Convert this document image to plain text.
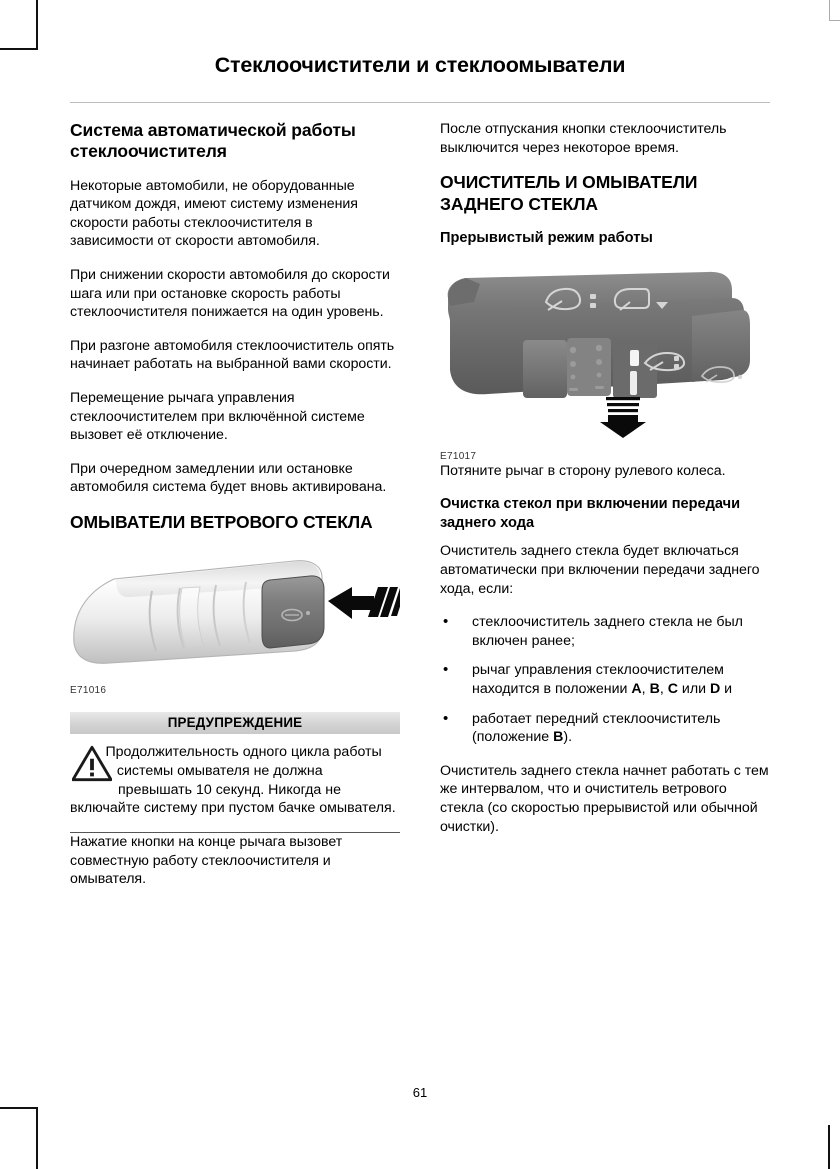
Стеклоочистители и стеклоомыватели
Система автоматической работы стеклоочистителя

Некоторые автомобили, не оборудованные датчиком дождя, имеют систему изменения скорости работы стеклоочистителя в зависимости от скорости автомобиля.

При снижении скорости автомобиля до скорости шага или при остановке скорость работы стеклоочистителя понижается на один уровень.

При разгоне автомобиля стеклоочиститель опять начинает работать на выбранной вами скорости.

Перемещение рычага управления стеклоочистителем при включённой системе вызовет её отключение.

При очередном замедлении или остановке автомобиля система будет вновь активирована.

ОМЫВАТЕЛИ ВЕТРОВОГО СТЕКЛА
E71016
ПРЕДУПРЕЖДЕНИЕ
Продолжительность одного цикла работы системы омывателя не должна превышать 10 секунд. Никогда не включайте систему при пустом бачке омывателя.

Нажатие кнопки на конце рычага вызовет совместную работу стеклоочистителя и омывателя.

После отпускания кнопки стеклоочиститель выключится через некоторое время.

ОЧИСТИТЕЛЬ И ОМЫВАТЕЛИ ЗАДНЕГО СТЕКЛА
Прерывистый режим работы
E71017

Потяните рычаг в сторону рулевого колеса.

Очистка стекол при включении передачи заднего хода

Очиститель заднего стекла будет включаться автоматически при включении передачи заднего хода, если:

• стеклоочиститель заднего стекла не был включен ранее;
• рычаг управления стеклоочистителем находится в положении A, B, C или D и
• работает передний стеклоочиститель (положение B).

Очиститель заднего стекла начнет работать с тем же интервалом, что и очиститель ветрового стекла (со скоростью прерывистой или обычной очистки).

61
